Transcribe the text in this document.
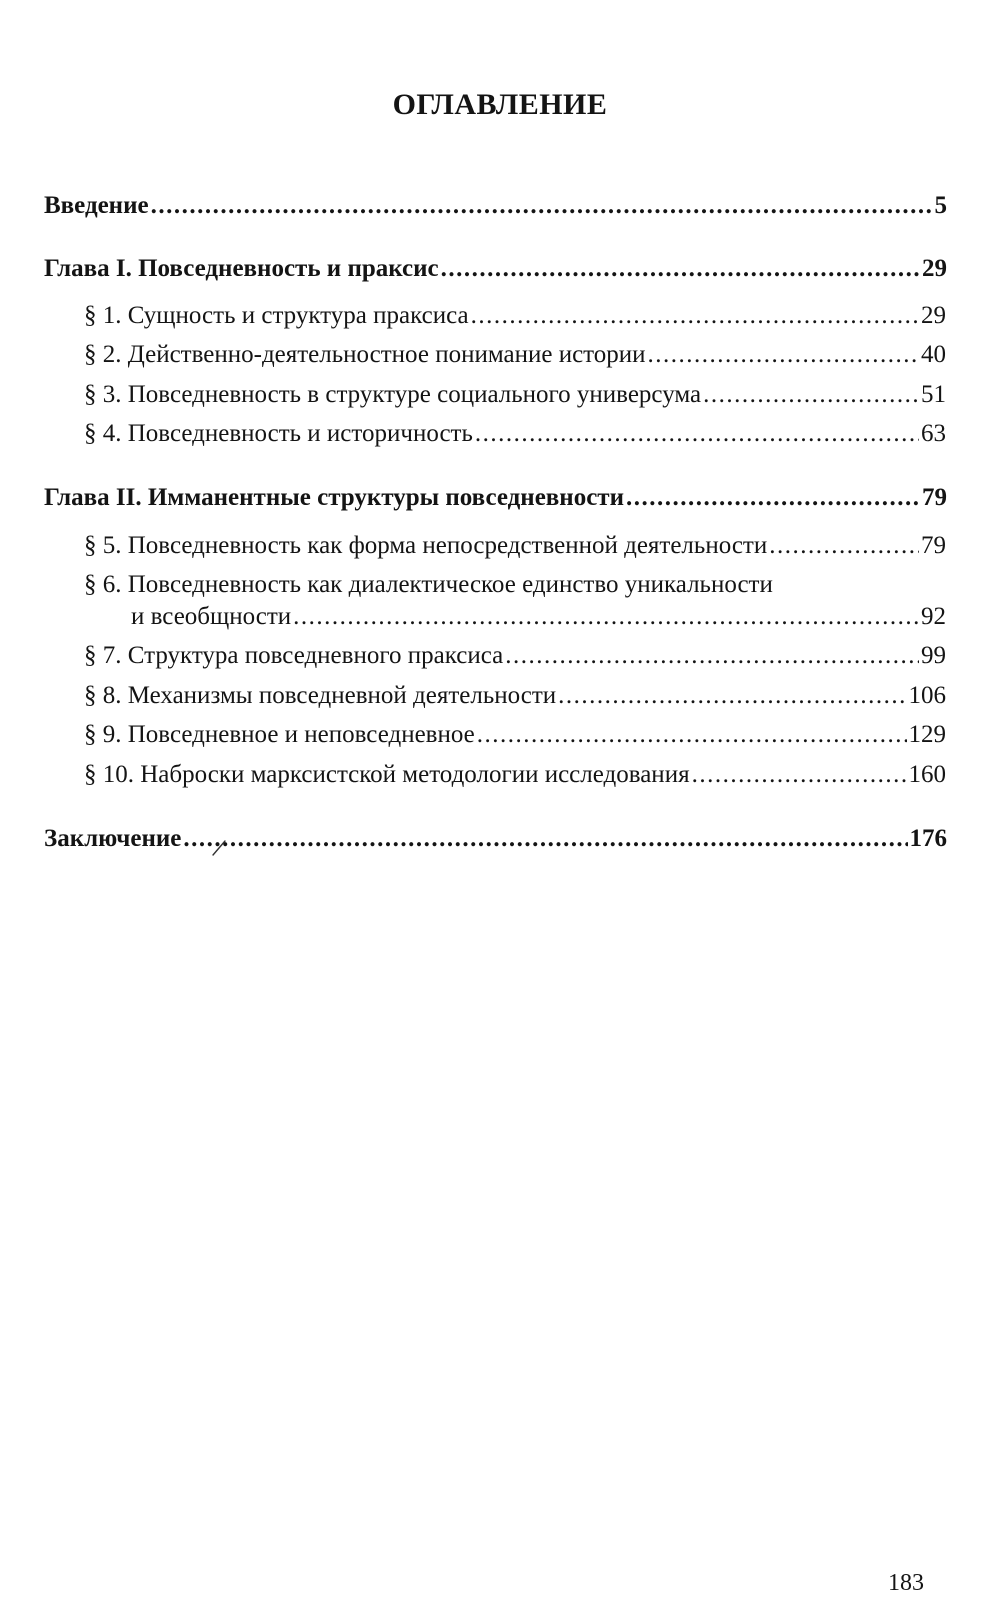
ОГЛАВЛЕНИЕ
Введение .....	5
Глава I. Повседневность и праксис .....	29
§ 1. Сущность и структура праксиса .....	29
§ 2. Действенно-деятельностное понимание истории .....	40
§ 3. Повседневность в структуре социального универсума .....	51
§ 4. Повседневность и историчность .....	63
Глава II. Имманентные структуры повседневности .....	79
§ 5. Повседневность как форма непосредственной деятельности .....	79
§ 6. Повседневность как диалектическое единство уникальности
и всеобщности .....	92
§ 7. Структура повседневного праксиса .....	99
§ 8. Механизмы повседневной деятельности .....	106
§ 9. Повседневное и неповседневное .....	129
§ 10. Наброски марксистской методологии исследования .....	160
Заключение .....	176
183
